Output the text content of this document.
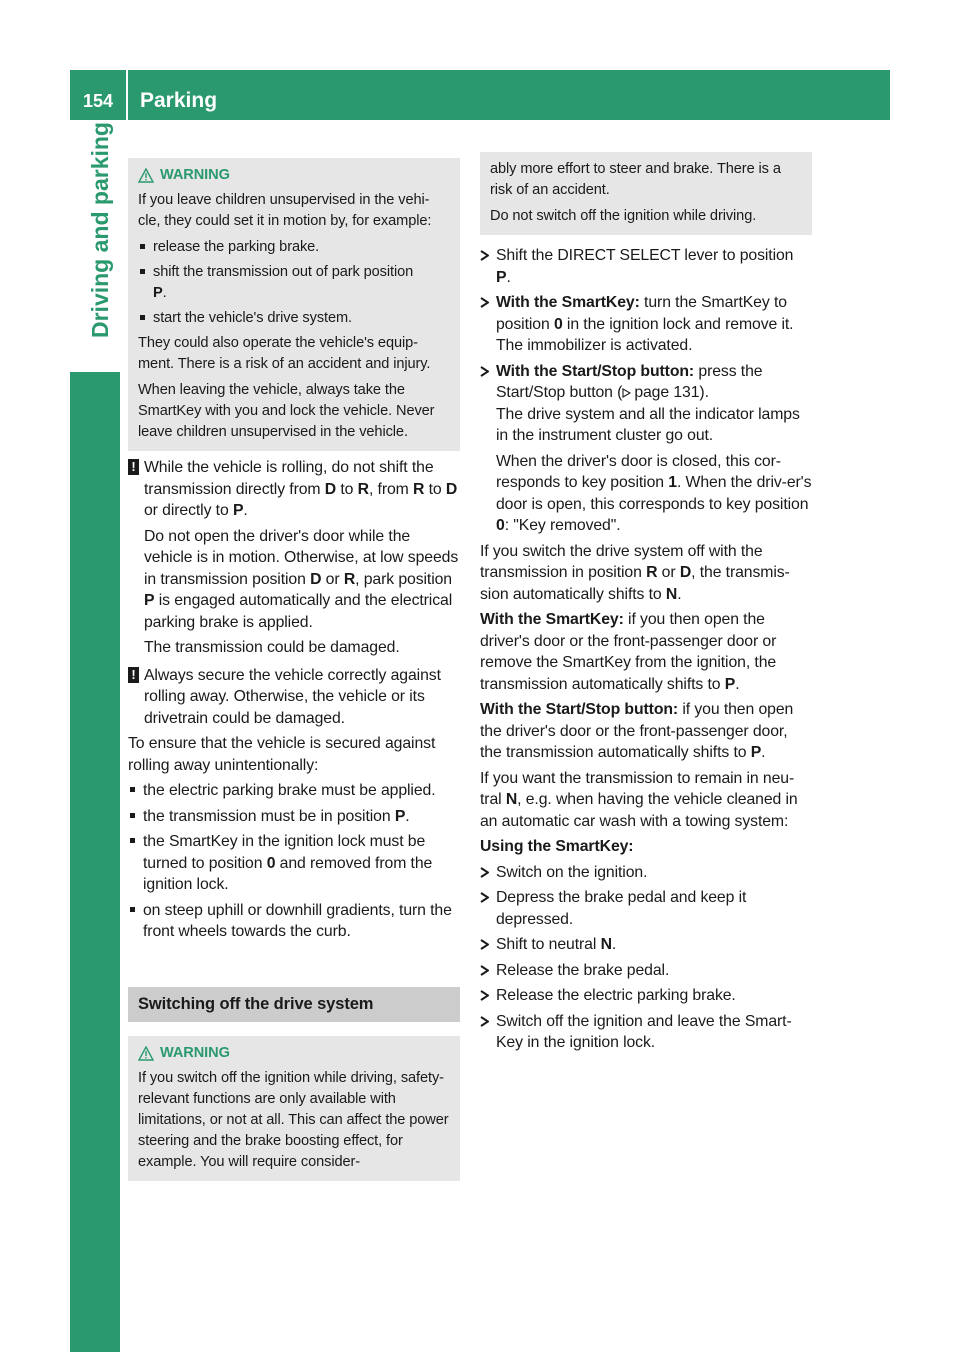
154	Parking
Driving and parking	WARNING

If you leave children unsupervised in the vehi-cle, they could set it in motion by, for example:

release the parking brake.
shift the transmission out of park position
P.
start the vehicle's drive system.

They could also operate the vehicle's equip-ment. There is a risk of an accident and injury.

When leaving the vehicle, always take the SmartKey with you and lock the vehicle. Never leave children unsupervised in the vehicle.

! While the vehicle is rolling, do not shift the transmission directly from D to R, from R to D or directly to P.
Do not open the driver's door while the vehicle is in motion. Otherwise, at low speeds in transmission position D or R, park position P is engaged automatically and the electrical parking brake is applied.
The transmission could be damaged.
! Always secure the vehicle correctly against rolling away. Otherwise, the vehicle or its drivetrain could be damaged.
To ensure that the vehicle is secured against rolling away unintentionally:
the electric parking brake must be applied.
the transmission must be in position P.
the SmartKey in the ignition lock must be turned to position 0 and removed from the ignition lock.
on steep uphill or downhill gradients, turn the front wheels towards the curb.
Switching off the drive system
WARNING

If you switch off the ignition while driving, safety-relevant functions are only available with limitations, or not at all. This can affect the power steering and the brake boosting effect, for example. You will require consider-

ably more effort to steer and brake. There is a risk of an accident.

Do not switch off the ignition while driving.

Shift the DIRECT SELECT lever to position
P.
With the SmartKey: turn the SmartKey to position 0 in the ignition lock and remove it. The immobilizer is activated.
With the Start/Stop button: press the Start/Stop button ( page 131).
The drive system and all the indicator lamps in the instrument cluster go out.
When the driver's door is closed, this cor-responds to key position 1. When the driv-er's door is open, this corresponds to key position 0: "Key removed".
If you switch the drive system off with the transmission in position R or D, the transmis-sion automatically shifts to N.
With the SmartKey: if you then open the driver's door or the front-passenger door or remove the SmartKey from the ignition, the transmission automatically shifts to P.
With the Start/Stop button: if you then open the driver's door or the front-passenger door, the transmission automatically shifts to P.
If you want the transmission to remain in neu-tral N, e.g. when having the vehicle cleaned in an automatic car wash with a towing system:
Using the SmartKey:
Switch on the ignition.
Depress the brake pedal and keep it depressed.
Shift to neutral N.
Release the brake pedal.
Release the electric parking brake.
Switch off the ignition and leave the Smart-Key in the ignition lock.
